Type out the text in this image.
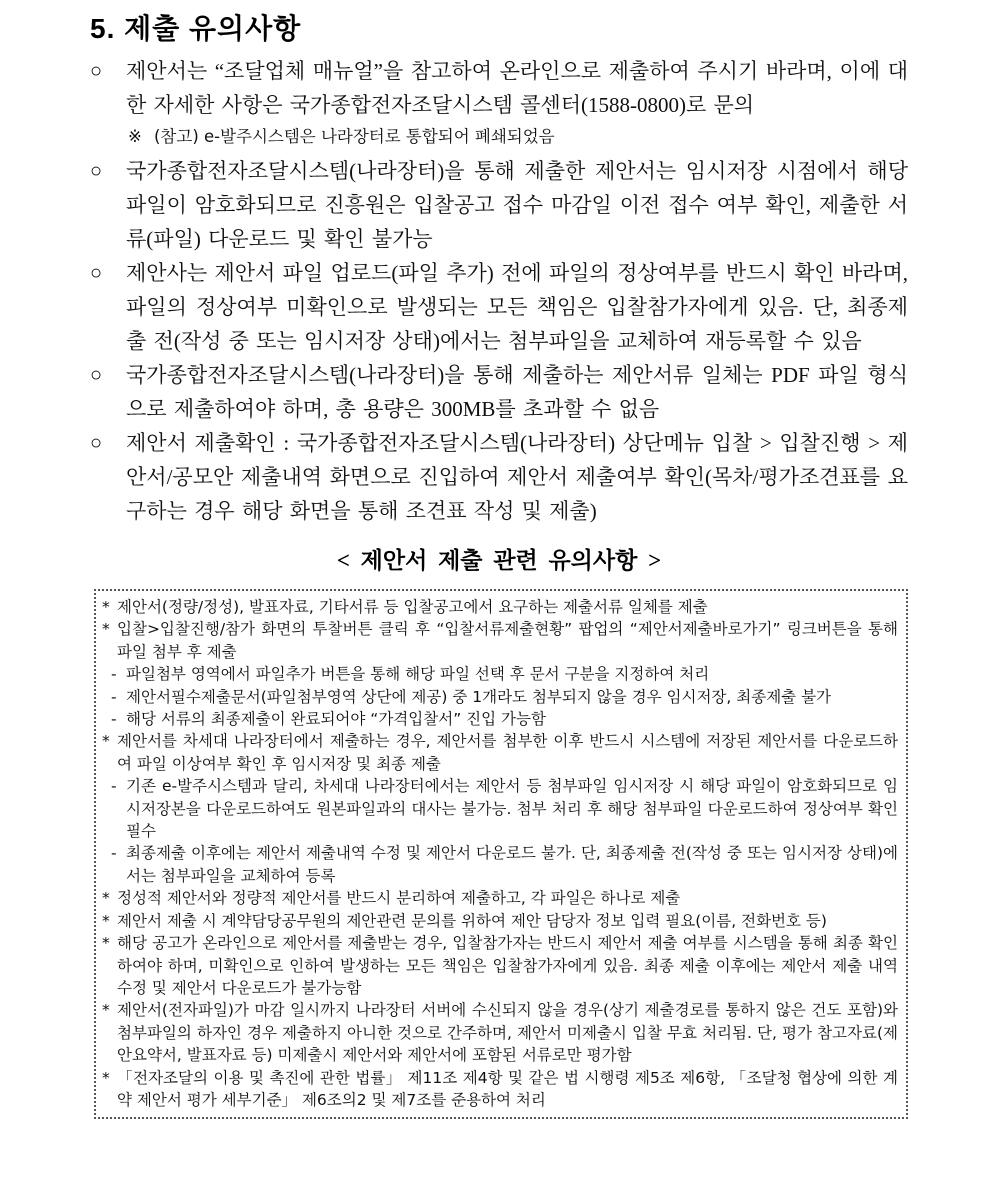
5. 제출 유의사항
○	제안서는 “조달업체 매뉴얼”을 참고하여 온라인으로 제출하여 주시기 바라며, 이에 대한 자세한 사항은 국가종합전자조달시스템 콜센터(1588-0800)로 문의
※ (참고) e-발주시스템은 나라장터로 통합되어 폐쇄되었음
○	국가종합전자조달시스템(나라장터)을 통해 제출한 제안서는 임시저장 시점에서 해당 파일이 암호화되므로 진흥원은 입찰공고 접수 마감일 이전 접수 여부 확인, 제출한 서류(파일) 다운로드 및 확인 불가능
○	제안사는 제안서 파일 업로드(파일 추가) 전에 파일의 정상여부를 반드시 확인 바라며, 파일의 정상여부 미확인으로 발생되는 모든 책임은 입찰참가자에게 있음. 단, 최종제출 전(작성 중 또는 임시저장 상태)에서는 첨부파일을 교체하여 재등록할 수 있음
○	국가종합전자조달시스템(나라장터)을 통해 제출하는 제안서류 일체는 PDF 파일 형식으로 제출하여야 하며, 총 용량은 300MB를 초과할 수 없음
○	제안서 제출확인 : 국가종합전자조달시스템(나라장터) 상단메뉴 입찰 > 입찰진행 > 제안서/공모안 제출내역 화면으로 진입하여 제안서 제출여부 확인(목차/평가조견표를 요구하는 경우 해당 화면을 통해 조견표 작성 및 제출)
< 제안서 제출 관련 유의사항 >
* 제안서(정량/정성), 발표자료, 기타서류 등 입찰공고에서 요구하는 제출서류 일체를 제출
* 입찰>입찰진행/참가 화면의 투찰버튼 클릭 후 “입찰서류제출현황” 팝업의 “제안서제출바로가기” 링크버튼을 통해 파일 첨부 후 제출
- 파일첨부 영역에서 파일추가 버튼을 통해 해당 파일 선택 후 문서 구분을 지정하여 처리
- 제안서필수제출문서(파일첨부영역 상단에 제공) 중 1개라도 첨부되지 않을 경우 임시저장, 최종제출 불가
- 해당 서류의 최종제출이 완료되어야 “가격입찰서” 진입 가능함
* 제안서를 차세대 나라장터에서 제출하는 경우, 제안서를 첨부한 이후 반드시 시스템에 저장된 제안서를 다운로드하여 파일 이상여부 확인 후 임시저장 및 최종 제출
- 기존 e-발주시스템과 달리, 차세대 나라장터에서는 제안서 등 첨부파일 임시저장 시 해당 파일이 암호화되므로 임시저장본을 다운로드하여도 원본파일과의 대사는 불가능. 첨부 처리 후 해당 첨부파일 다운로드하여 정상여부 확인 필수
- 최종제출 이후에는 제안서 제출내역 수정 및 제안서 다운로드 불가. 단, 최종제출 전(작성 중 또는 임시저장 상태)에서는 첨부파일을 교체하여 등록
* 정성적 제안서와 정량적 제안서를 반드시 분리하여 제출하고, 각 파일은 하나로 제출
* 제안서 제출 시 계약담당공무원의 제안관련 문의를 위하여 제안 담당자 정보 입력 필요(이름, 전화번호 등)
* 해당 공고가 온라인으로 제안서를 제출받는 경우, 입찰참가자는 반드시 제안서 제출 여부를 시스템을 통해 최종 확인하여야 하며, 미확인으로 인하여 발생하는 모든 책임은 입찰참가자에게 있음. 최종 제출 이후에는 제안서 제출 내역 수정 및 제안서 다운로드가 불가능함
* 제안서(전자파일)가 마감 일시까지 나라장터 서버에 수신되지 않을 경우(상기 제출경로를 통하지 않은 건도 포함)와 첨부파일의 하자인 경우 제출하지 아니한 것으로 간주하며, 제안서 미제출시 입찰 무효 처리됨. 단, 평가 참고자료(제안요약서, 발표자료 등) 미제출시 제안서와 제안서에 포함된 서류로만 평가함
* 「전자조달의 이용 및 촉진에 관한 법률」 제11조 제4항 및 같은 법 시행령 제5조 제6항, 「조달청 협상에 의한 계약 제안서 평가 세부기준」 제6조의2 및 제7조를 준용하여 처리
